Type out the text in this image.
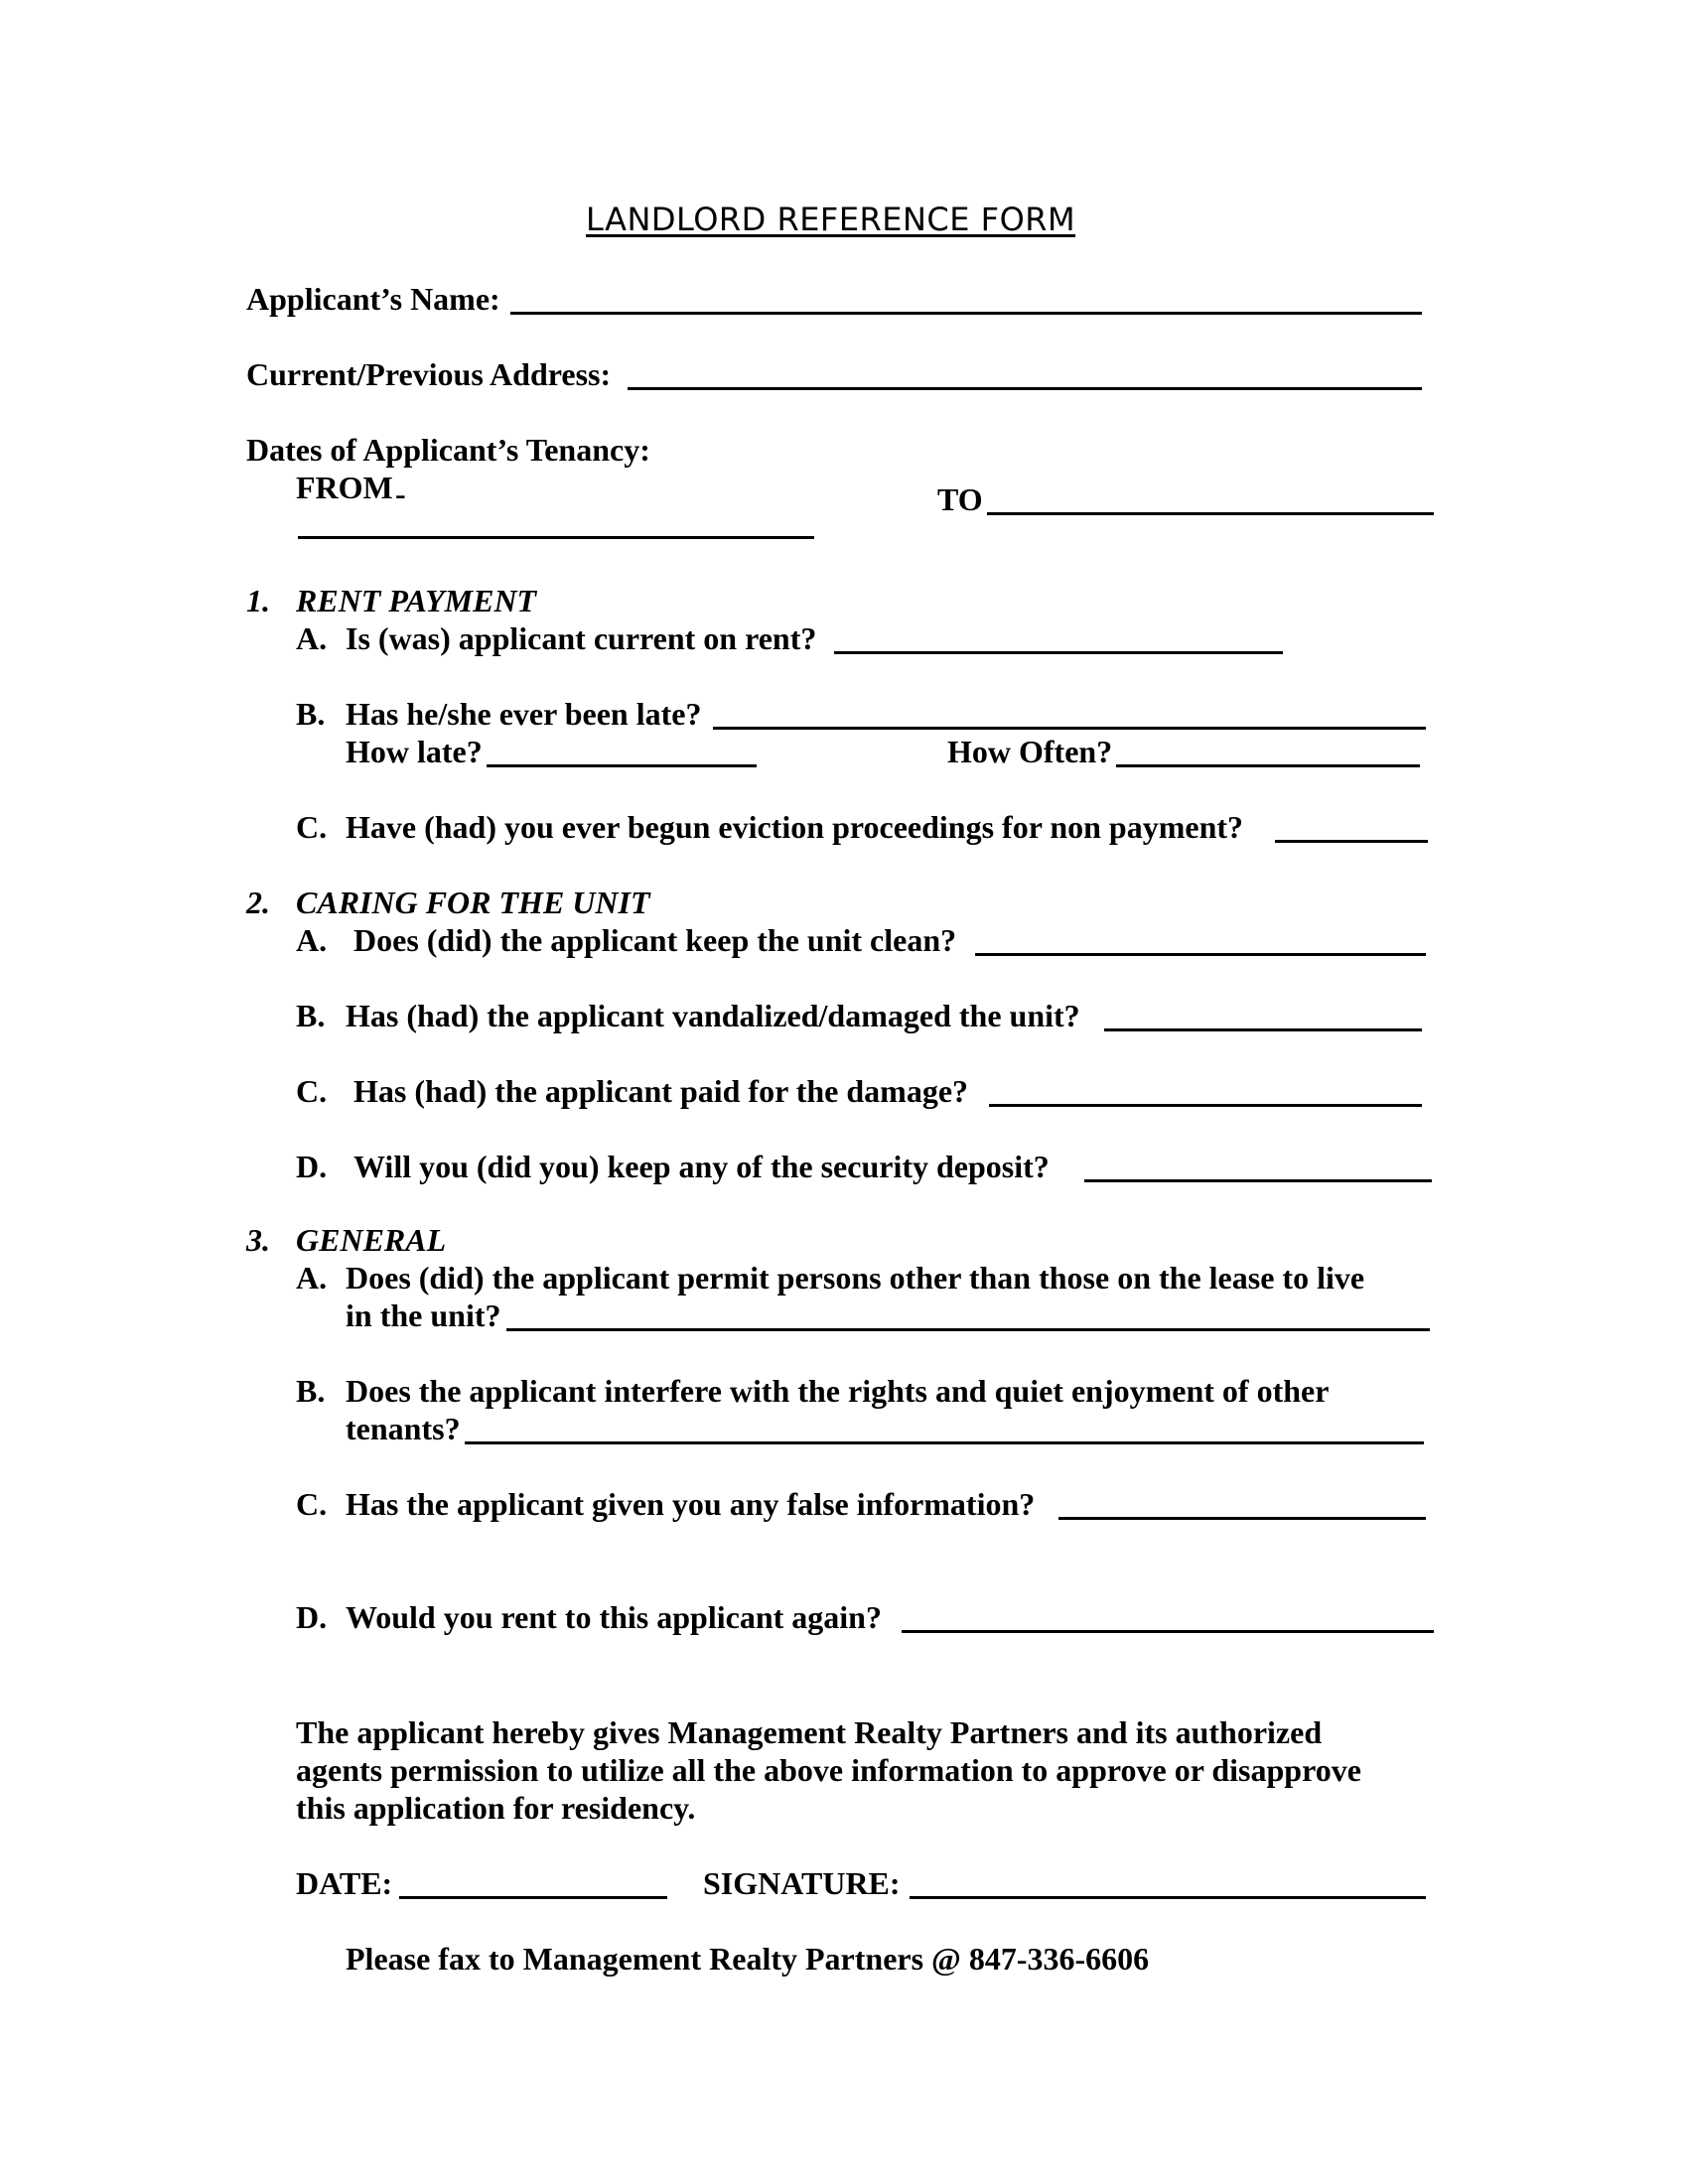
LANDLORD REFERENCE FORM
Applicant’s Name:
Current/Previous Address:
Dates of Applicant’s Tenancy:
FROM -	TO
1. RENT PAYMENT
A. Is (was) applicant current on rent?
B. Has he/she ever been late?
How late?	How Often?
C. Have (had) you ever begun eviction proceedings for non payment?
2. CARING FOR THE UNIT
A. Does (did) the applicant keep the unit clean?
B. Has (had) the applicant vandalized/damaged the unit?
C. Has (had) the applicant paid for the damage?
D. Will you (did you) keep any of the security deposit?
3. GENERAL
A. Does (did) the applicant permit persons other than those on the lease to live
in the unit?
B. Does the applicant interfere with the rights and quiet enjoyment of other
tenants?
C. Has the applicant given you any false information?
D. Would you rent to this applicant again?
The applicant hereby gives Management Realty Partners and its authorized
agents permission to utilize all the above information to approve or disapprove
this application for residency.
DATE:	SIGNATURE:
Please fax to Management Realty Partners @ 847-336-6606
